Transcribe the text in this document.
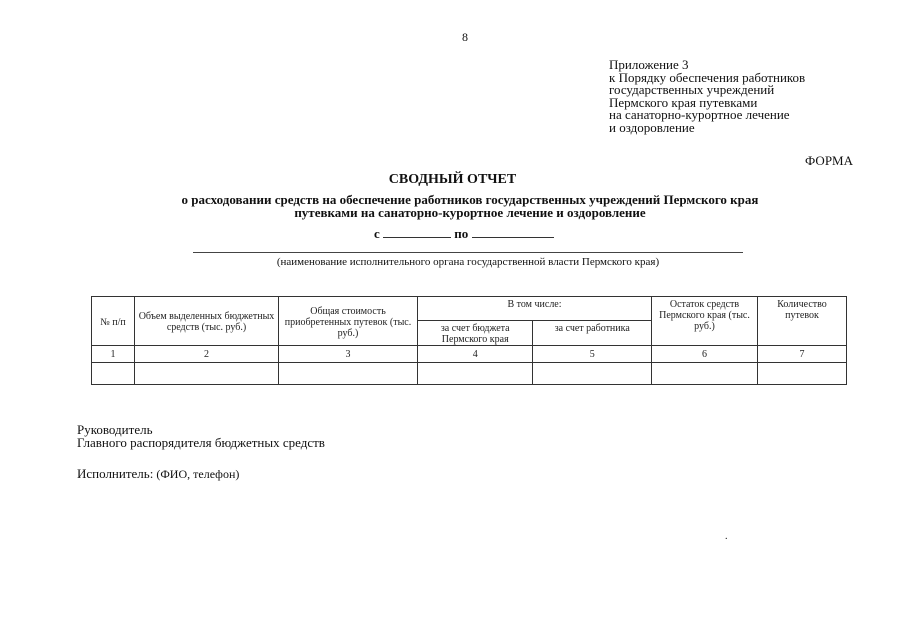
8
Приложение 3
к Порядку обеспечения работников
государственных учреждений
Пермского края путевками
на санаторно-курортное лечение
и оздоровление
ФОРМА
СВОДНЫЙ ОТЧЕТ
о расходовании средств на обеспечение работников государственных учреждений Пермского края
путевками на санаторно-курортное лечение и оздоровление
с	по
(наименование исполнительного органа государственной власти Пермского края)
№ п/п	Объем выделенных бюджетных средств (тыс. руб.)	Общая стоимость приобретенных путевок (тыс. руб.)	В том числе:		Остаток средств Пермского края (тыс. руб.)	Количество путевок
			за счет бюджета Пермского края	за счет работника		
1	2	3	4	5	6	7

Руководитель
Главного распорядителя бюджетных средств
Исполнитель: (ФИО, телефон)
.
